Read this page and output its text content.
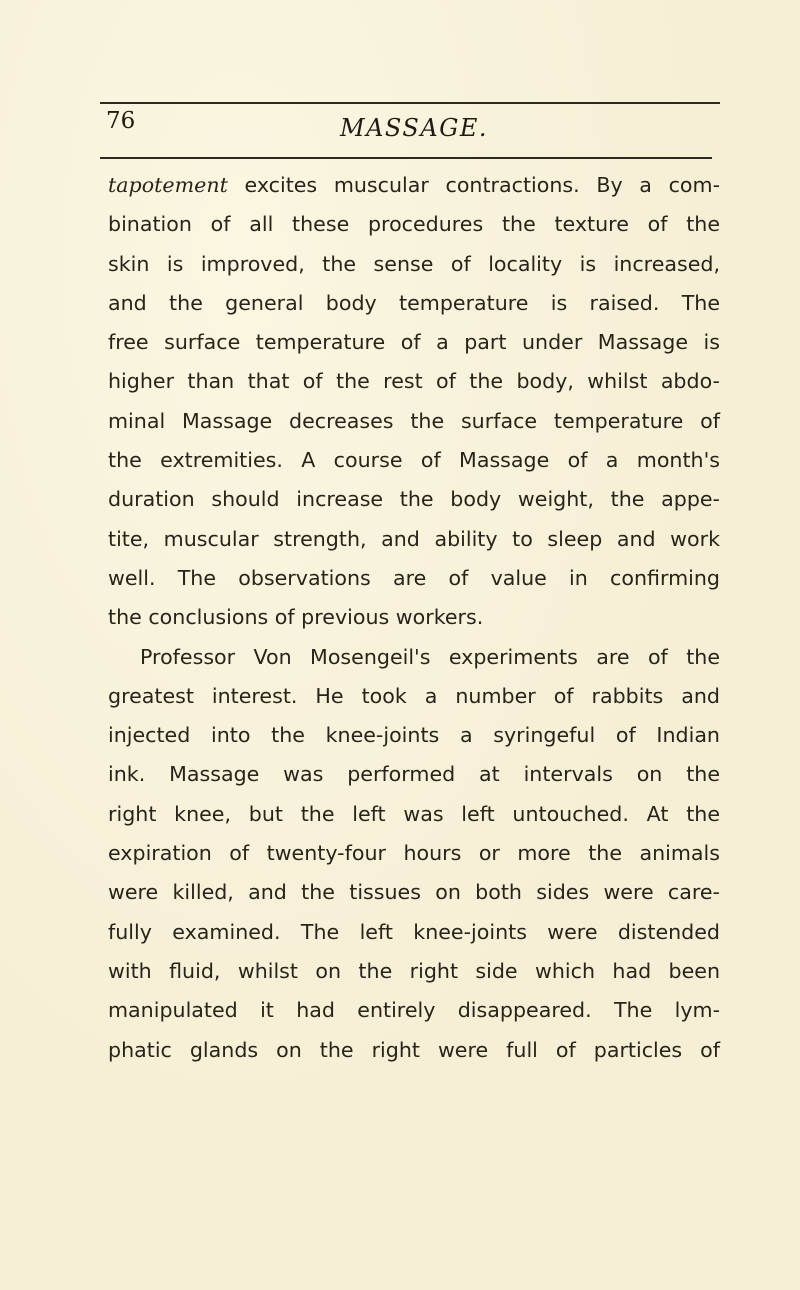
76	MASSAGE.
tapotement excites muscular contractions. By a com-
bination of all these procedures the texture of the
skin is improved, the sense of locality is increased,
and the general body temperature is raised. The
free surface temperature of a part under Massage is
higher than that of the rest of the body, whilst abdo-
minal Massage decreases the surface temperature of
the extremities. A course of Massage of a month's
duration should increase the body weight, the appe-
tite, muscular strength, and ability to sleep and work
well. The observations are of value in confirming
the conclusions of previous workers.
Professor Von Mosengeil's experiments are of the
greatest interest. He took a number of rabbits and
injected into the knee-joints a syringeful of Indian
ink. Massage was performed at intervals on the
right knee, but the left was left untouched. At the
expiration of twenty-four hours or more the animals
were killed, and the tissues on both sides were care-
fully examined. The left knee-joints were distended
with fluid, whilst on the right side which had been
manipulated it had entirely disappeared. The lym-
phatic glands on the right were full of particles of
